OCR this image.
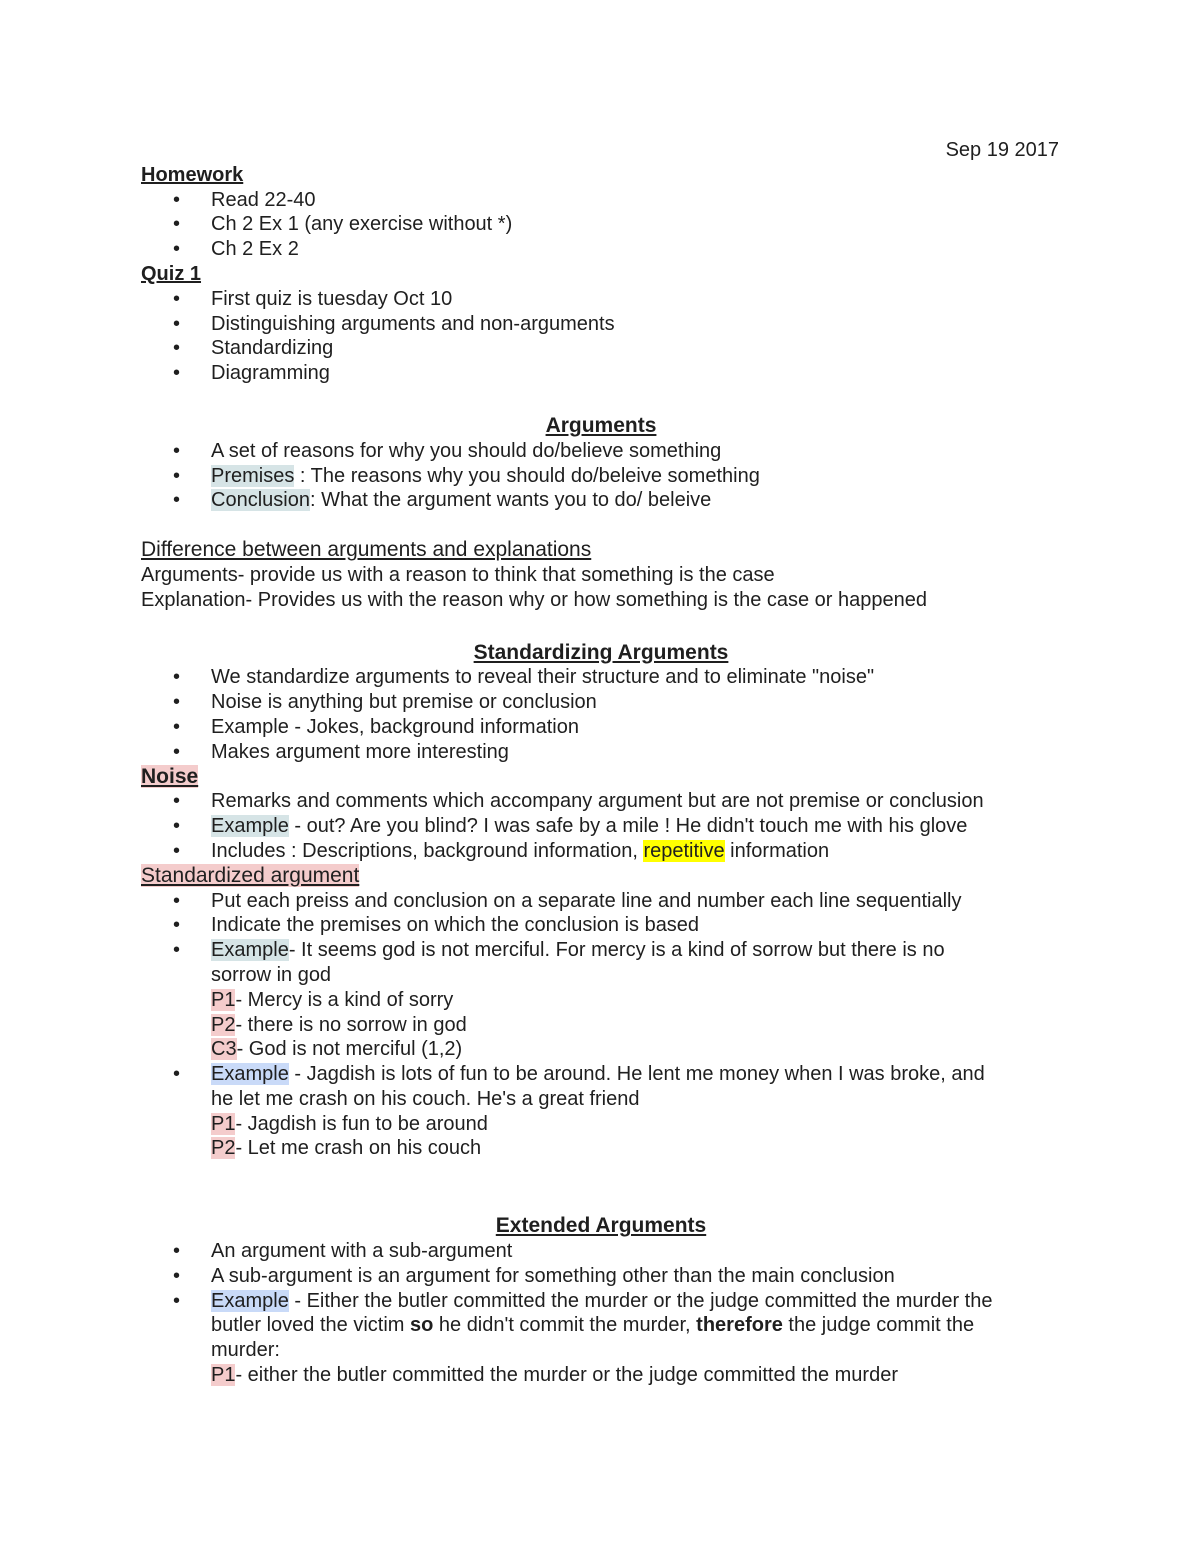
Sep 19 2017
Homework
• Read 22-40
• Ch 2 Ex 1 (any exercise without *)
• Ch 2 Ex 2
Quiz 1
• First quiz is tuesday Oct 10
• Distinguishing arguments and non-arguments
• Standardizing
• Diagramming
Arguments
• A set of reasons for why you should do/believe something
• Premises : The reasons why you should do/beleive something
• Conclusion: What the argument wants you to do/ beleive
Difference between arguments and explanations
Arguments- provide us with a reason to think that something is the case
Explanation- Provides us with the reason why or how something is the case or happened
Standardizing Arguments
• We standardize arguments to reveal their structure and to eliminate "noise"
• Noise is anything but premise or conclusion
• Example - Jokes, background information
• Makes argument more interesting
Noise
• Remarks and comments which accompany argument but are not premise or conclusion
• Example - out? Are you blind? I was safe by a mile ! He didn't touch me with his glove
• Includes : Descriptions, background information, repetitive information
Standardized argument
• Put each preiss and conclusion on a separate line and number each line sequentially
• Indicate the premises on which the conclusion is based
• Example- It seems god is not merciful. For mercy is a kind of sorrow but there is no
sorrow in god
P1- Mercy is a kind of sorry
P2- there is no sorrow in god
C3- God is not merciful (1,2)
• Example - Jagdish is lots of fun to be around. He lent me money when I was broke, and
he let me crash on his couch. He's a great friend
P1- Jagdish is fun to be around
P2- Let me crash on his couch
Extended Arguments
• An argument with a sub-argument
• A sub-argument is an argument for something other than the main conclusion
• Example - Either the butler committed the murder or the judge committed the murder the
butler loved the victim so he didn't commit the murder, therefore the judge commit the
murder:
P1- either the butler committed the murder or the judge committed the murder
